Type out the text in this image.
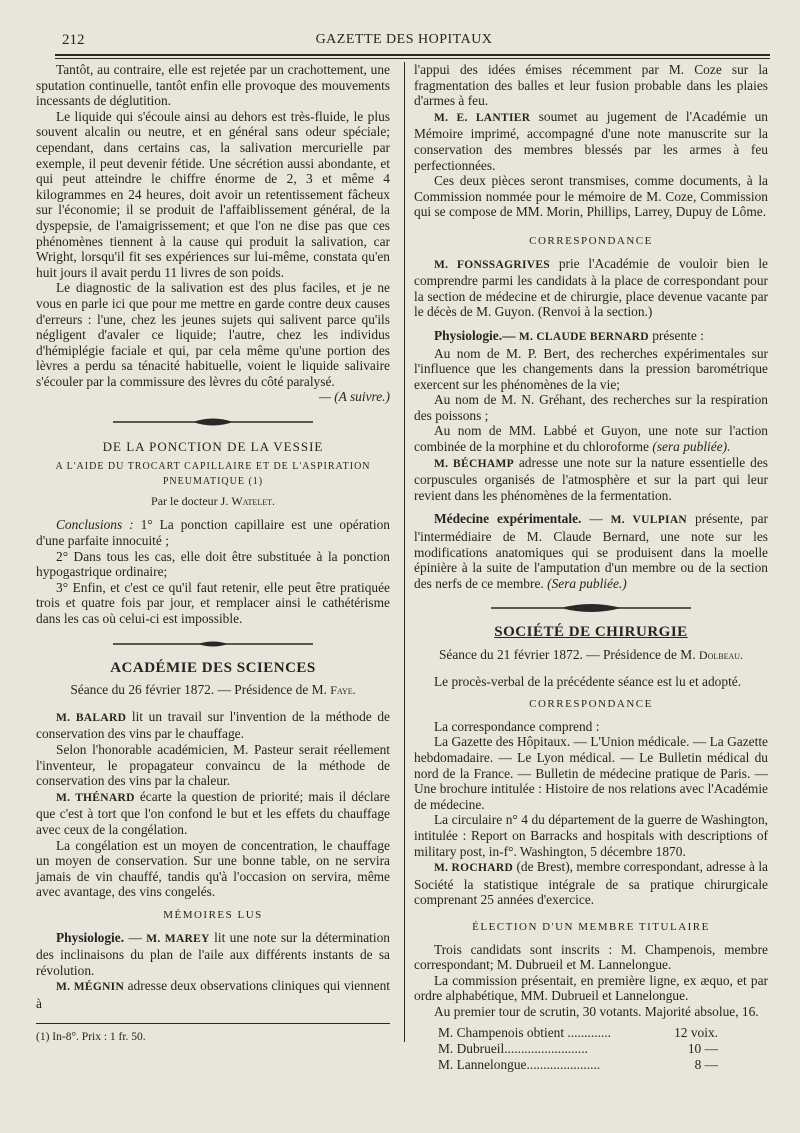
212	GAZETTE DES HOPITAUX

Tantôt, au contraire, elle est rejetée par un crachottement, une sputation continuelle, tantôt enfin elle provoque des mouvements incessants de déglutition.

Le liquide qui s'écoule ainsi au dehors est très-fluide, le plus souvent alcalin ou neutre, et en général sans odeur spéciale; cependant, dans certains cas, la salivation mercurielle par exemple, il peut devenir fétide. Une sécrétion aussi abondante, et qui peut atteindre le chiffre énorme de 2, 3 et même 4 kilogrammes en 24 heures, doit avoir un retentissement fâcheux sur l'économie; il se produit de l'affaiblissement général, de la dyspepsie, de l'amaigrissement; et que l'on ne dise pas que ces phénomènes tiennent à la cause qui produit la salivation, car Wright, lorsqu'il fit ses expériences sur lui-même, constata qu'en huit jours il avait perdu 11 livres de son poids.

Le diagnostic de la salivation est des plus faciles, et je ne vous en parle ici que pour me mettre en garde contre deux causes d'erreurs : l'une, chez les jeunes sujets qui salivent parce qu'ils négligent d'avaler ce liquide; l'autre, chez les individus d'hémiplégie faciale et qui, par cela même qu'une portion des lèvres a perdu sa ténacité habituelle, voient le liquide salivaire s'écouler par la commissure des lèvres du côté paralysé.

— (A suivre.)

DE LA PONCTION DE LA VESSIE
A L'AIDE DU TROCART CAPILLAIRE ET DE L'ASPIRATION PNEUMATIQUE (1)
Par le docteur J. Watelet.

Conclusions : 1° La ponction capillaire est une opération d'une parfaite innocuité ;

2° Dans tous les cas, elle doit être substituée à la ponction hypogastrique ordinaire;

3° Enfin, et c'est ce qu'il faut retenir, elle peut être pratiquée trois et quatre fois par jour, et remplacer ainsi le cathétérisme dans les cas où celui-ci est impossible.

ACADÉMIE DES SCIENCES
Séance du 26 février 1872. — Présidence de M. Faye.

M. BALARD lit un travail sur l'invention de la méthode de conservation des vins par le chauffage.

Selon l'honorable académicien, M. Pasteur serait réellement l'inventeur, le propagateur convaincu de la méthode de conservation des vins par la chaleur.

M. THÉNARD écarte la question de priorité; mais il déclare que c'est à tort que l'on confond le but et les effets du chauffage avec ceux de la congélation.

La congélation est un moyen de concentration, le chauffage un moyen de conservation. Sur une bonne table, on ne servira jamais de vin chauffé, tandis qu'à l'occasion on servira, même avec avantage, des vins congelés.

MÉMOIRES LUS

Physiologie. — M. MAREY lit une note sur la détermination des inclinaisons du plan de l'aile aux différents instants de sa révolution.

M. MÉGNIN adresse deux observations cliniques qui viennent à

(1) In-8°. Prix : 1 fr. 50.

l'appui des idées émises récemment par M. Coze sur la fragmentation des balles et leur fusion probable dans les plaies d'armes à feu.

M. E. LANTIER soumet au jugement de l'Académie un Mémoire imprimé, accompagné d'une note manuscrite sur la conservation des membres blessés par les armes à feu perfectionnées.

Ces deux pièces seront transmises, comme documents, à la Commission nommée pour le mémoire de M. Coze, Commission qui se compose de MM. Morin, Phillips, Larrey, Dupuy de Lôme.

CORRESPONDANCE

M. FONSSAGRIVES prie l'Académie de vouloir bien le comprendre parmi les candidats à la place de correspondant pour la section de médecine et de chirurgie, place devenue vacante par le décès de M. Guyon. (Renvoi à la section.)

Physiologie.— M. CLAUDE BERNARD présente :

Au nom de M. P. Bert, des recherches expérimentales sur l'influence que les changements dans la pression barométrique exercent sur les phénomènes de la vie;

Au nom de M. N. Gréhant, des recherches sur la respiration des poissons ;

Au nom de MM. Labbé et Guyon, une note sur l'action combinée de la morphine et du chloroforme (sera publiée).

M. BÉCHAMP adresse une note sur la nature essentielle des corpuscules organisés de l'atmosphère et sur la part qui leur revient dans les phénomènes de la fermentation.

Médecine expérimentale. — M. VULPIAN présente, par l'intermédiaire de M. Claude Bernard, une note sur les modifications anatomiques qui se produisent dans la moelle épinière à la suite de l'amputation d'un membre ou de la section des nerfs de ce membre. (Sera publiée.)

SOCIÉTÉ DE CHIRURGIE
Séance du 21 février 1872. — Présidence de M. Dolbeau.

Le procès-verbal de la précédente séance est lu et adopté.

CORRESPONDANCE

La correspondance comprend :

La Gazette des Hôpitaux. — L'Union médicale. — La Gazette hebdomadaire. — Le Lyon médical. — Le Bulletin médical du nord de la France. — Bulletin de médecine pratique de Paris. — Une brochure intitulée : Histoire de nos relations avec l'Académie de médecine.

La circulaire n° 4 du département de la guerre de Washington, intitulée : Report on Barracks and hospitals with descriptions of military post, in-f°. Washington, 5 décembre 1870.

M. ROCHARD (de Brest), membre correspondant, adresse à la Société la statistique intégrale de sa pratique chirurgicale comprenant 25 années d'exercice.

ÉLECTION D'UN MEMBRE TITULAIRE

Trois candidats sont inscrits : M. Champenois, membre correspondant; M. Dubrueil et M. Lannelongue.

La commission présentait, en première ligne, ex æquo, et par ordre alphabétique, MM. Dubrueil et Lannelongue.

Au premier tour de scrutin, 30 votants. Majorité absolue, 16.

M. Champenois obtient .............	12 voix.
M. Dubrueil.........................	10 —
M. Lannelongue......................	8 —
